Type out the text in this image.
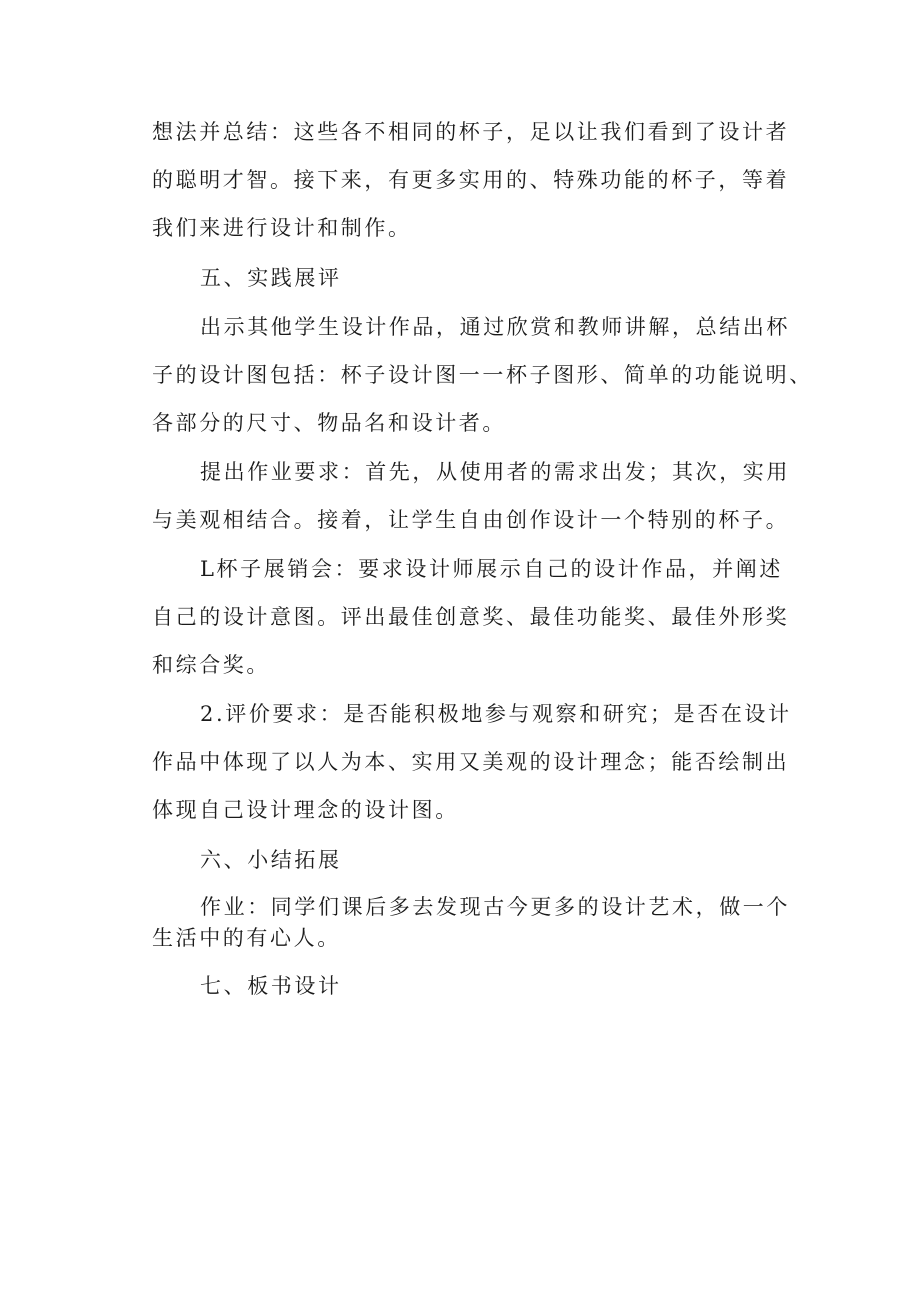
想法并总结：这些各不相同的杯子，足以让我们看到了设计者
的聪明才智。接下来，有更多实用的、特殊功能的杯子，等着
我们来进行设计和制作。
五、实践展评
出示其他学生设计作品，通过欣赏和教师讲解，总结出杯
子的设计图包括：杯子设计图一一杯子图形、简单的功能说明、
各部分的尺寸、物品名和设计者。
提出作业要求：首先，从使用者的需求出发；其次，实用
与美观相结合。接着，让学生自由创作设计一个特别的杯子。
L杯子展销会：要求设计师展示自己的设计作品，并阐述
自己的设计意图。评出最佳创意奖、最佳功能奖、最佳外形奖
和综合奖。
2.评价要求：是否能积极地参与观察和研究；是否在设计
作品中体现了以人为本、实用又美观的设计理念；能否绘制出
体现自己设计理念的设计图。
六、小结拓展
作业：同学们课后多去发现古今更多的设计艺术，做一个
生活中的有心人。
七、板书设计
